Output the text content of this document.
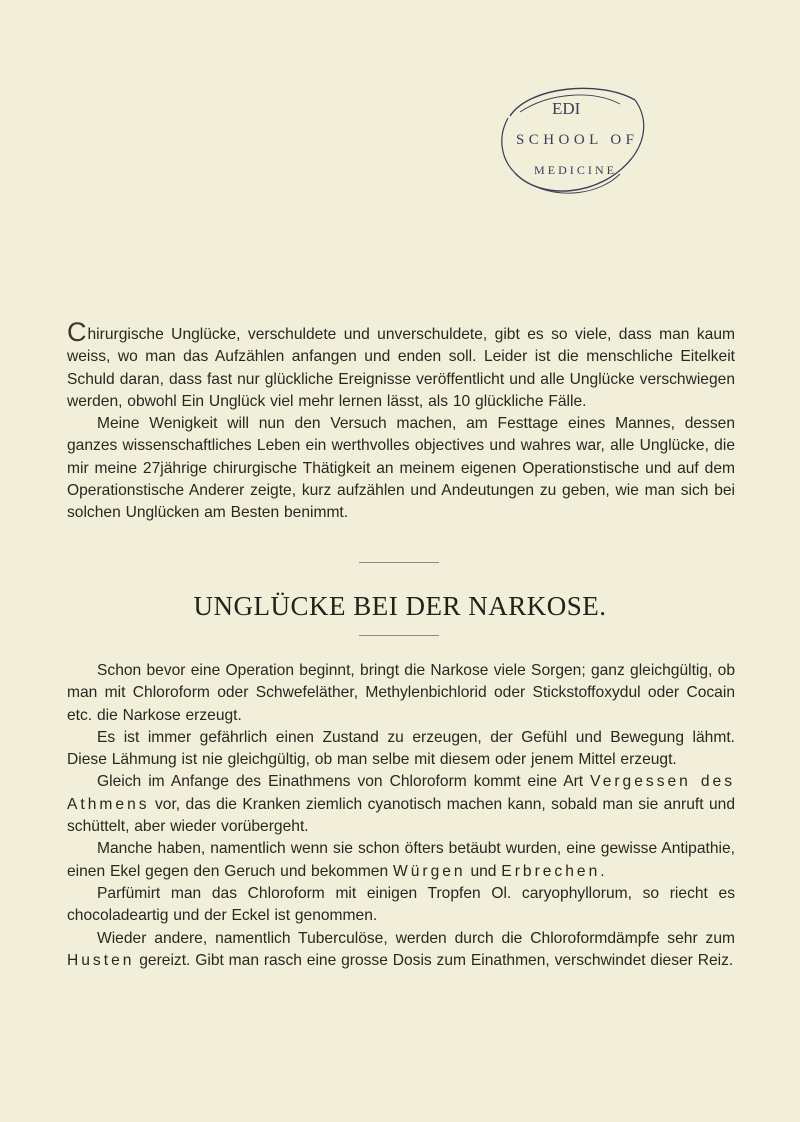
EDI
SCHOOL OF
MEDICINE

Chirurgische Unglücke, verschuldete und unverschuldete, gibt es so viele, dass man kaum weiss, wo man das Aufzählen anfangen und enden soll. Leider ist die menschliche Eitelkeit Schuld daran, dass fast nur glückliche Ereignisse veröffentlicht und alle Unglücke verschwiegen werden, obwohl Ein Unglück viel mehr lernen lässt, als 10 glückliche Fälle.

Meine Wenigkeit will nun den Versuch machen, am Festtage eines Mannes, dessen ganzes wissenschaftliches Leben ein werthvolles objectives und wahres war, alle Unglücke, die mir meine 27jährige chirurgische Thätigkeit an meinem eigenen Operationstische und auf dem Operationstische Anderer zeigte, kurz aufzählen und Andeutungen zu geben, wie man sich bei solchen Unglücken am Besten benimmt.

UNGLÜCKE BEI DER NARKOSE.

Schon bevor eine Operation beginnt, bringt die Narkose viele Sorgen; ganz gleichgültig, ob man mit Chloroform oder Schwefeläther, Methylenbichlorid oder Stickstoffoxydul oder Cocain etc. die Narkose erzeugt.

Es ist immer gefährlich einen Zustand zu erzeugen, der Gefühl und Bewegung lähmt. Diese Lähmung ist nie gleichgültig, ob man selbe mit diesem oder jenem Mittel erzeugt.

Gleich im Anfange des Einathmens von Chloroform kommt eine Art Vergessen des Athmens vor, das die Kranken ziemlich cyanotisch machen kann, sobald man sie anruft und schüttelt, aber wieder vorübergeht.

Manche haben, namentlich wenn sie schon öfters betäubt wurden, eine gewisse Antipathie, einen Ekel gegen den Geruch und bekommen Würgen und Erbrechen.

Parfümirt man das Chloroform mit einigen Tropfen Ol. caryophyllorum, so riecht es chocoladeartig und der Eckel ist genommen.

Wieder andere, namentlich Tuberculöse, werden durch die Chloroformdämpfe sehr zum Husten gereizt. Gibt man rasch eine grosse Dosis zum Einathmen, verschwindet dieser Reiz.
